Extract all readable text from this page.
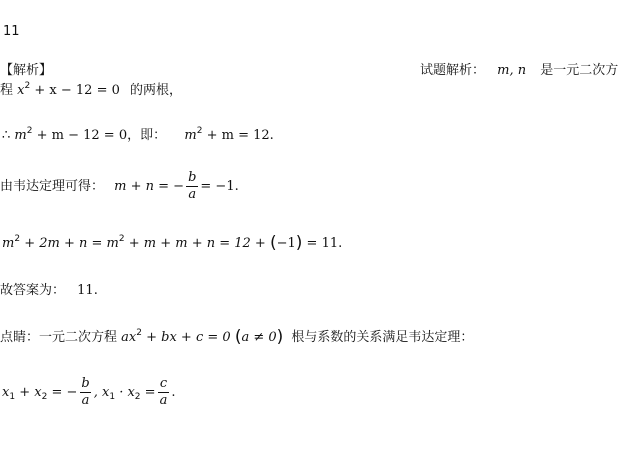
11
【解析】	试题解析： m, n 是一元二次方
程 $x^2 + x - 12 = 0$ 的两根，
∴ $m^2 + m - 12 = 0$，即： $m^2 + m = 12$.
由韦达定理可得： m + n = − $\frac{b}{a} = -1$.
$m^2 + 2m + n = m^2 + m + m + n = 12 + (-1) = 11$.
故答案为： 11.
点睛：一元二次方程 $ax^2$ + bx + c = 0 (a ≠ 0) 根与系数的关系满足韦达定理：
$x_1 + x_2$ = − $\frac{b}{a}$ , $x_1 \cdot x_2 = \frac{c}{a}$ .
